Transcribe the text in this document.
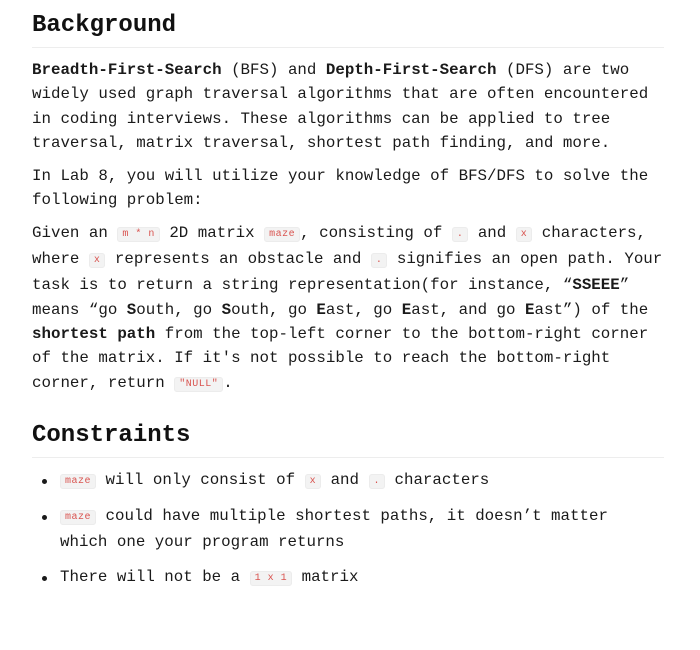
Background

Breadth-First-Search (BFS) and Depth-First-Search (DFS) are two widely used graph traversal algorithms that are often encountered in coding interviews. These algorithms can be applied to tree traversal, matrix traversal, shortest path finding, and more.

In Lab 8, you will utilize your knowledge of BFS/DFS to solve the following problem:

Given an m * n 2D matrix maze , consisting of . and x characters, where x represents an obstacle and . signifies an open path. Your task is to return a string representation(for instance, “SSEEE” means “go South, go South, go East, go East, and go East”) of the shortest path from the top-left corner to the bottom-right corner of the matrix. If it's not possible to reach the bottom-right corner, return "NULL" .

Constraints
maze will only consist of x and . characters
maze could have multiple shortest paths, it doesn’t matter which one your program returns
There will not be a 1 x 1 matrix
